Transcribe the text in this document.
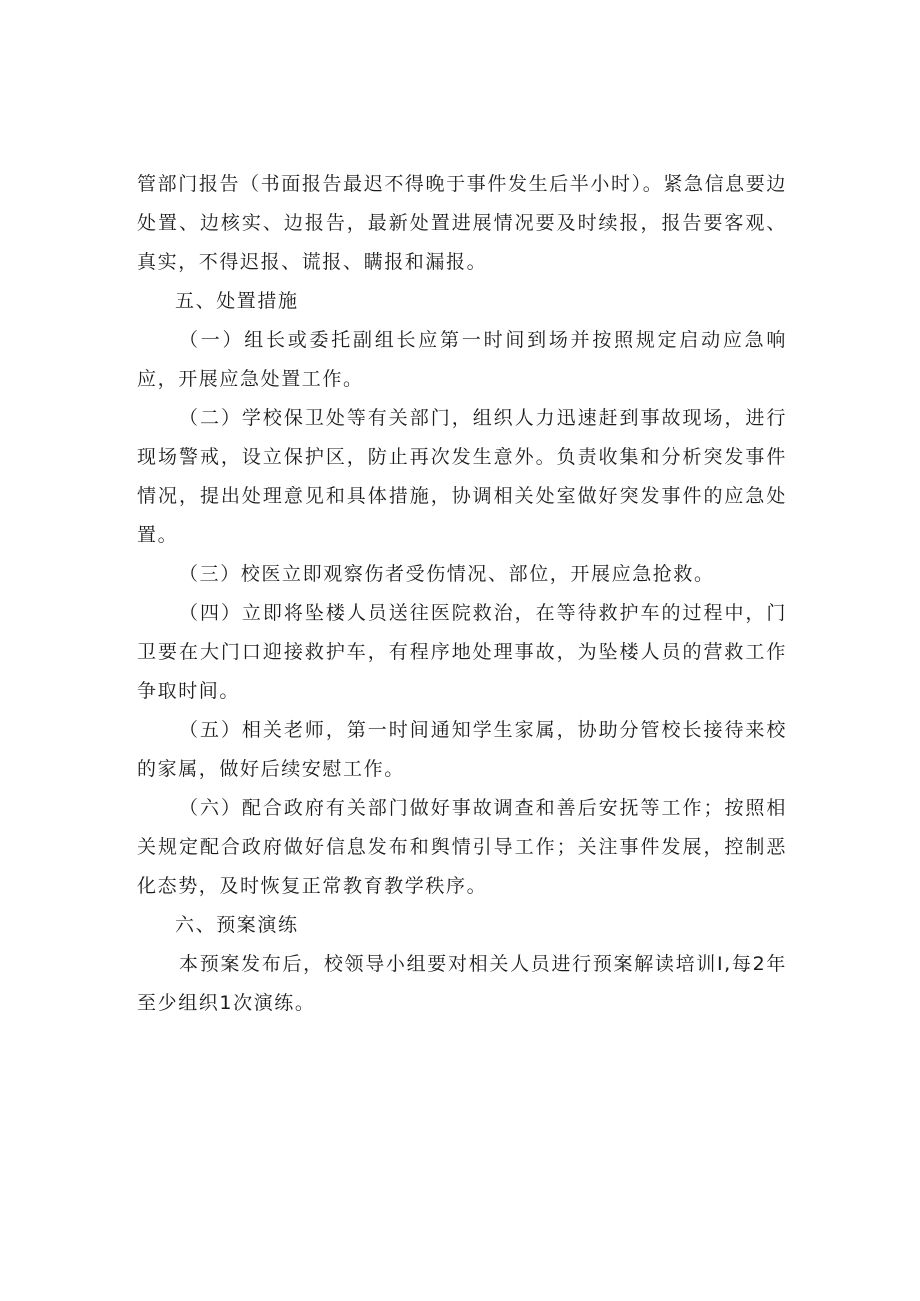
管部门报告（书面报告最迟不得晚于事件发生后半小时）。紧急信息要边处置、边核实、边报告，最新处置进展情况要及时续报，报告要客观、真实，不得迟报、谎报、瞒报和漏报。

五、处置措施

（一）组长或委托副组长应第一时间到场并按照规定启动应急响应，开展应急处置工作。

（二）学校保卫处等有关部门，组织人力迅速赶到事故现场，进行现场警戒，设立保护区，防止再次发生意外。负责收集和分析突发事件情况，提出处理意见和具体措施，协调相关处室做好突发事件的应急处置。

（三）校医立即观察伤者受伤情况、部位，开展应急抢救。

（四）立即将坠楼人员送往医院救治，在等待救护车的过程中，门卫要在大门口迎接救护车，有程序地处理事故，为坠楼人员的营救工作争取时间。

（五）相关老师，第一时间通知学生家属，协助分管校长接待来校的家属，做好后续安慰工作。

（六）配合政府有关部门做好事故调查和善后安抚等工作；按照相关规定配合政府做好信息发布和舆情引导工作；关注事件发展，控制恶化态势，及时恢复正常教育教学秩序。

六、预案演练

本预案发布后，校领导小组要对相关人员进行预案解读培训I,每2年至少组织1次演练。
